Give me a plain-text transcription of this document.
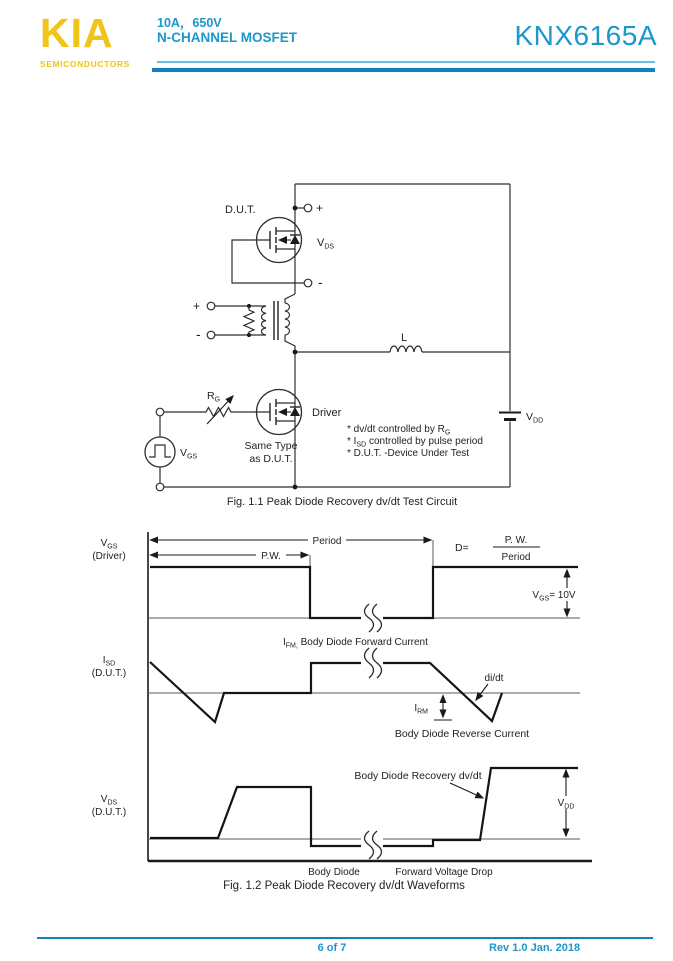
KIA
SEMICONDUCTORS
10A，650V
N-CHANNEL MOSFET	KNX6165A
D.U.T.	+
$V_{DS}$
-
+
-
$R_G$
Driver
Same Type
as D.U.T.
$V_{GS}$
L
$V_{DD}$
* dv/dt controlled by $R_G$
* $I_{SD}$ controlled by pulse period
* D.U.T. -Device Under Test
Fig. 1.1 Peak Diode Recovery dv/dt Test Circuit
$V_{GS}$
(Driver)
Period
P.W.
D=
P. W.
Period
$V_{GS}= 10V$
$I_{SD}$
(D.U.T.)
$I_{FM,}$ Body Diode Forward Current
di/dt
$I_{RM}$
Body Diode Reverse Current
$V_{DS}$
(D.U.T.)
Body Diode Recovery dv/dt
$V_{DD}$
Body Diode	Forward Voltage Drop
Fig. 1.2 Peak Diode Recovery dv/dt Waveforms
6 of 7	Rev 1.0 Jan. 2018
